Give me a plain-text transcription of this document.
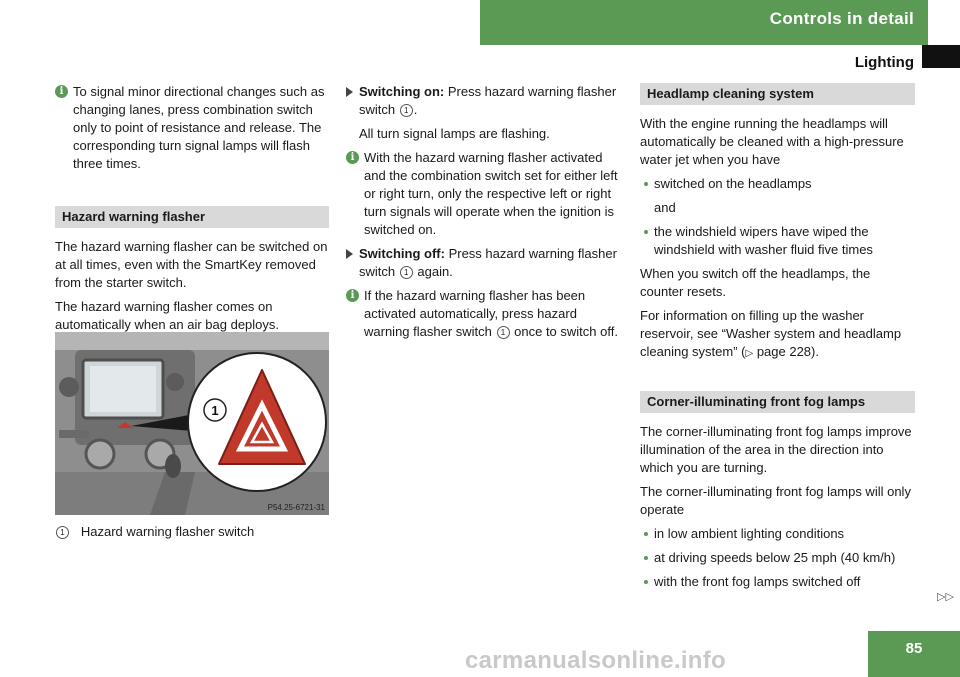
Controls in detail
Lighting

i To signal minor directional changes such as changing lanes, press combination switch only to point of resistance and release. The corresponding turn signal lamps will flash three times.

Hazard warning flasher

The hazard warning flasher can be switched on at all times, even with the SmartKey removed from the starter switch.

The hazard warning flasher comes on automatically when an air bag deploys.

1
P54.25-6721-31
1 Hazard warning flasher switch
Switching on: Press hazard warning flasher switch 1 .

All turn signal lamps are flashing.

i With the hazard warning flasher activated and the combination switch set for either left or right turn, only the respective left or right turn signals will operate when the ignition is switched on.

Switching off: Press hazard warning flasher switch 1 again.

i If the hazard warning flasher has been activated automatically, press hazard warning flasher switch 1 once to switch off.

Headlamp cleaning system

With the engine running the headlamps will automatically be cleaned with a high-pressure water jet when you have

switched on the headlamps

and

the windshield wipers have wiped the windshield with washer fluid five times

When you switch off the headlamps, the counter resets.

For information on filling up the washer reservoir, see “Washer system and headlamp cleaning system” (▷ page 228).

Corner-illuminating front fog lamps

The corner-illuminating front fog lamps improve illumination of the area in the direction into which you are turning.

The corner-illuminating front fog lamps will only operate

in low ambient lighting conditions

at driving speeds below 25 mph (40 km/h)

with the front fog lamps switched off

▷▷
85
carmanualsonline.info
